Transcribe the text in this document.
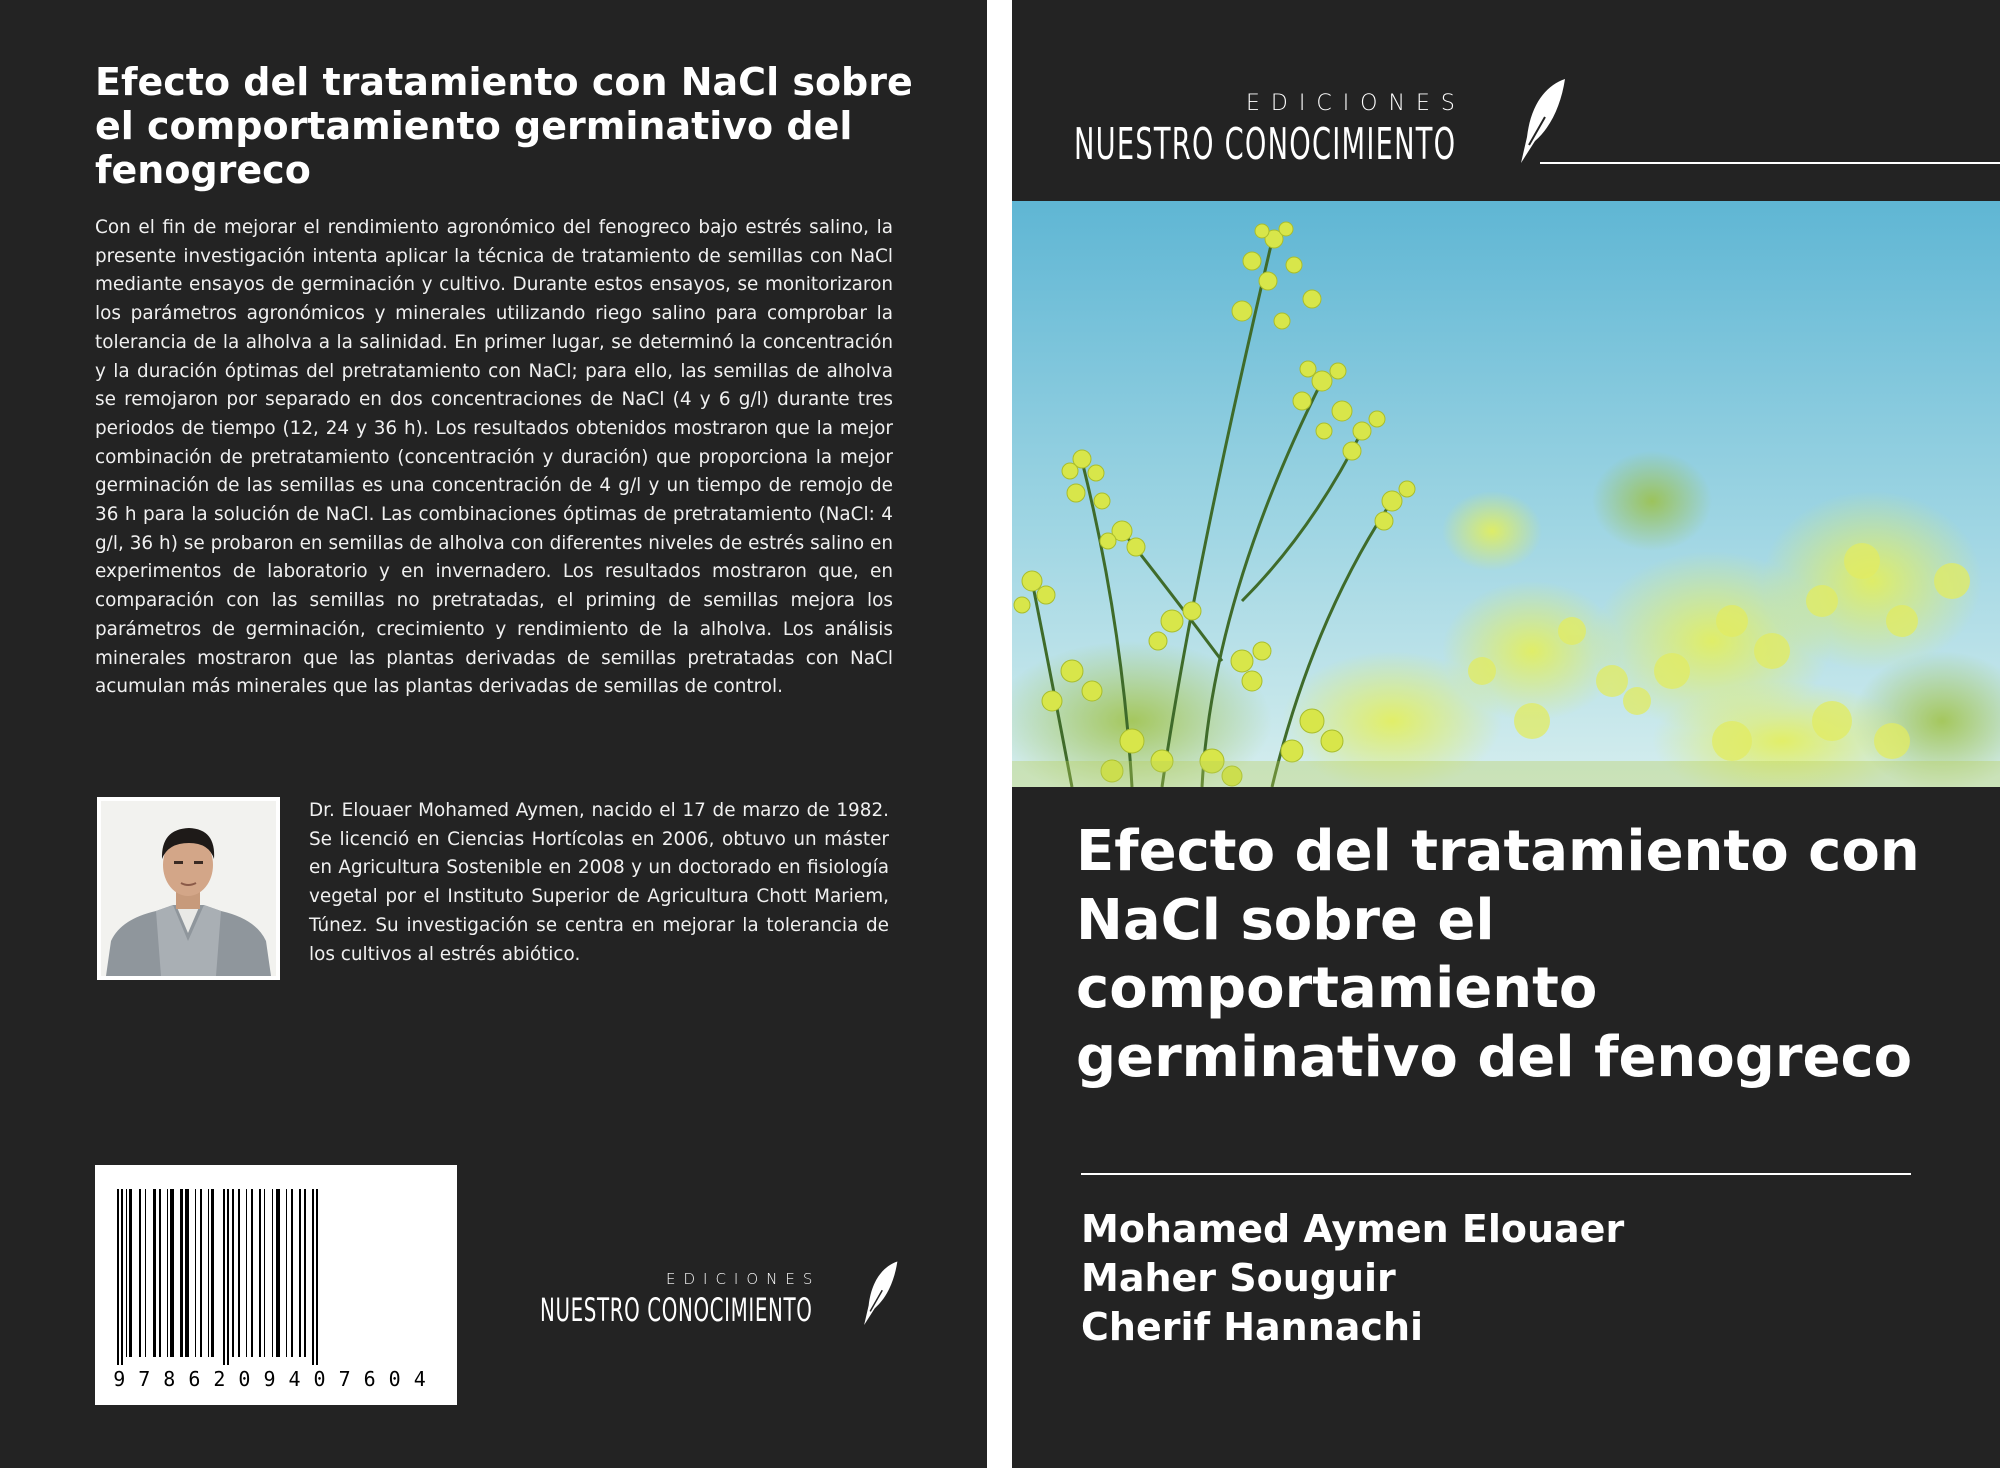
Efecto del tratamiento con NaCl sobre el comportamiento germinativo del fenogreco

Con el fin de mejorar el rendimiento agronómico del fenogreco bajo estrés salino, la presente investigación intenta aplicar la técnica de tratamiento de semillas con NaCl mediante ensayos de germinación y cultivo. Durante estos ensayos, se monitorizaron los parámetros agronómicos y minerales utilizando riego salino para comprobar la tolerancia de la alholva a la salinidad. En primer lugar, se determinó la concentración y la duración óptimas del pretratamiento con NaCl; para ello, las semillas de alholva se remojaron por separado en dos concentraciones de NaCl (4 y 6 g/l) durante tres periodos de tiempo (12, 24 y 36 h). Los resultados obtenidos mostraron que la mejor combinación de pretratamiento (concentración y duración) que proporciona la mejor germinación de las semillas es una concentración de 4 g/l y un tiempo de remojo de 36 h para la solución de NaCl. Las combinaciones óptimas de pretratamiento (NaCl: 4 g/l, 36 h) se probaron en semillas de alholva con diferentes niveles de estrés salino en experimentos de laboratorio y en invernadero. Los resultados mostraron que, en comparación con las semillas no pretratadas, el priming de semillas mejora los parámetros de germinación, crecimiento y rendimiento de la alholva. Los análisis minerales mostraron que las plantas derivadas de semillas pretratadas con NaCl acumulan más minerales que las plantas derivadas de semillas de control.

Dr. Elouaer Mohamed Aymen, nacido el 17 de marzo de 1982. Se licenció en Ciencias Hortícolas en 2006, obtuvo un máster en Agricultura Sostenible en 2008 y un doctorado en fisiología vegetal por el Instituto Superior de Agricultura Chott Mariem, Túnez. Su investigación se centra en mejorar la tolerancia de los cultivos al estrés abiótico.

9786209407604
EDICIONES
NUESTRO CONOCIMIENTO
EDICIONES
NUESTRO CONOCIMIENTO
Efecto del tratamiento con NaCl sobre el comportamiento germinativo del fenogreco
Mohamed Aymen Elouaer
Maher Souguir
Cherif Hannachi
